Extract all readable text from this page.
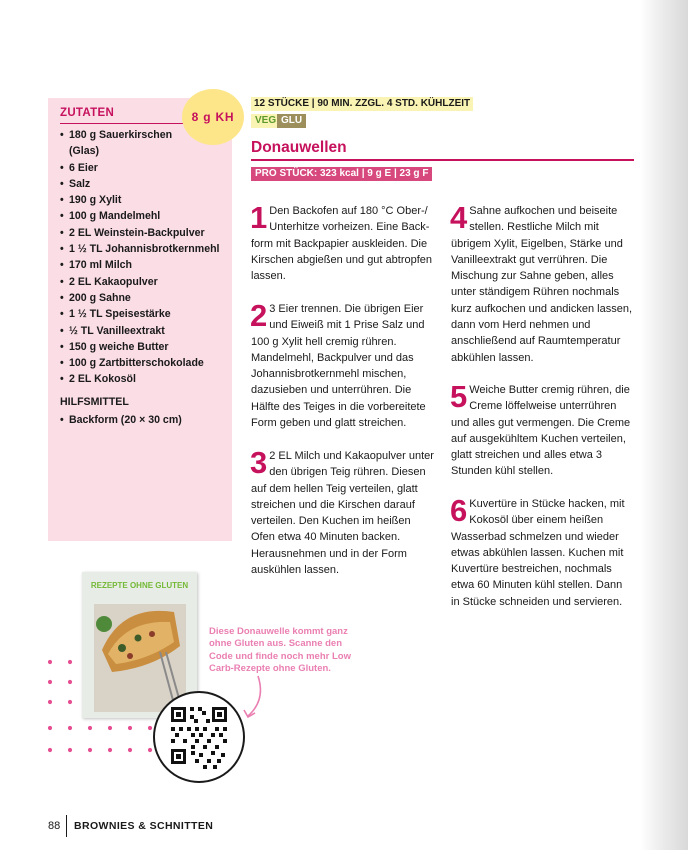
ZUTATEN
• 180 g Sauerkirschen
(Glas)
• 6 Eier
• Salz
• 190 g Xylit
• 100 g Mandelmehl
• 2 EL Weinstein-Backpulver
• 1 ½ TL Johannisbrotkernmehl
• 170 ml Milch
• 2 EL Kakaopulver
• 200 g Sahne
• 1 ½ TL Speisestärke
• ½ TL Vanilleextrakt
• 150 g weiche Butter
• 100 g Zartbitterschokolade
• 2 EL Kokosöl
HILFSMITTEL
• Backform (20 × 30 cm)
8 g KH
12 STÜCKE | 90 MIN. ZZGL. 4 STD. KÜHLZEIT
VEG GLU
Donauwellen
PRO STÜCK: 323 kcal | 9 g E | 23 g F
1 Den Backofen auf 180 °C Ober-/ Unterhitze vorheizen. Eine Backform mit Backpapier auskleiden. Die Kirschen abgießen und gut abtropfen lassen.
2 3 Eier trennen. Die übrigen Eier und Eiweiß mit 1 Prise Salz und 100 g Xylit hell cremig rühren. Mandelmehl, Backpulver und das Johannisbrotkernmehl mischen, dazusieben und unterrühren. Die Hälfte des Teiges in die vorbereitete Form geben und glatt streichen.
3 2 EL Milch und Kakaopulver unter den übrigen Teig rühren. Diesen auf dem hellen Teig verteilen, glatt streichen und die Kirschen darauf verteilen. Den Kuchen im heißen Ofen etwa 40 Minuten backen. Herausnehmen und in der Form auskühlen lassen.
4 Sahne aufkochen und beiseite stellen. Restliche Milch mit übrigem Xylit, Eigelben, Stärke und Vanilleextrakt gut verrühren. Die Mischung zur Sahne geben, alles unter ständigem Rühren nochmals kurz aufkochen und andicken lassen, dann vom Herd nehmen und anschließend auf Raumtemperatur abkühlen lassen.
5 Weiche Butter cremig rühren, die Creme löffelweise unterrühren und alles gut vermengen. Die Creme auf ausgekühltem Kuchen verteilen, glatt streichen und alles etwa 3 Stunden kühl stellen.
6 Kuvertüre in Stücke hacken, mit Kokosöl über einem heißen Wasserbad schmelzen und wieder etwas abkühlen lassen. Kuchen mit Kuvertüre bestreichen, nochmals etwa 60 Minuten kühl stellen. Dann in Stücke schneiden und servieren.
REZEPTE OHNE GLUTEN
Diese Donauwelle kommt ganz ohne Gluten aus. Scanne den Code und finde noch mehr Low Carb-Rezepte ohne Gluten.
88 BROWNIES & SCHNITTEN
